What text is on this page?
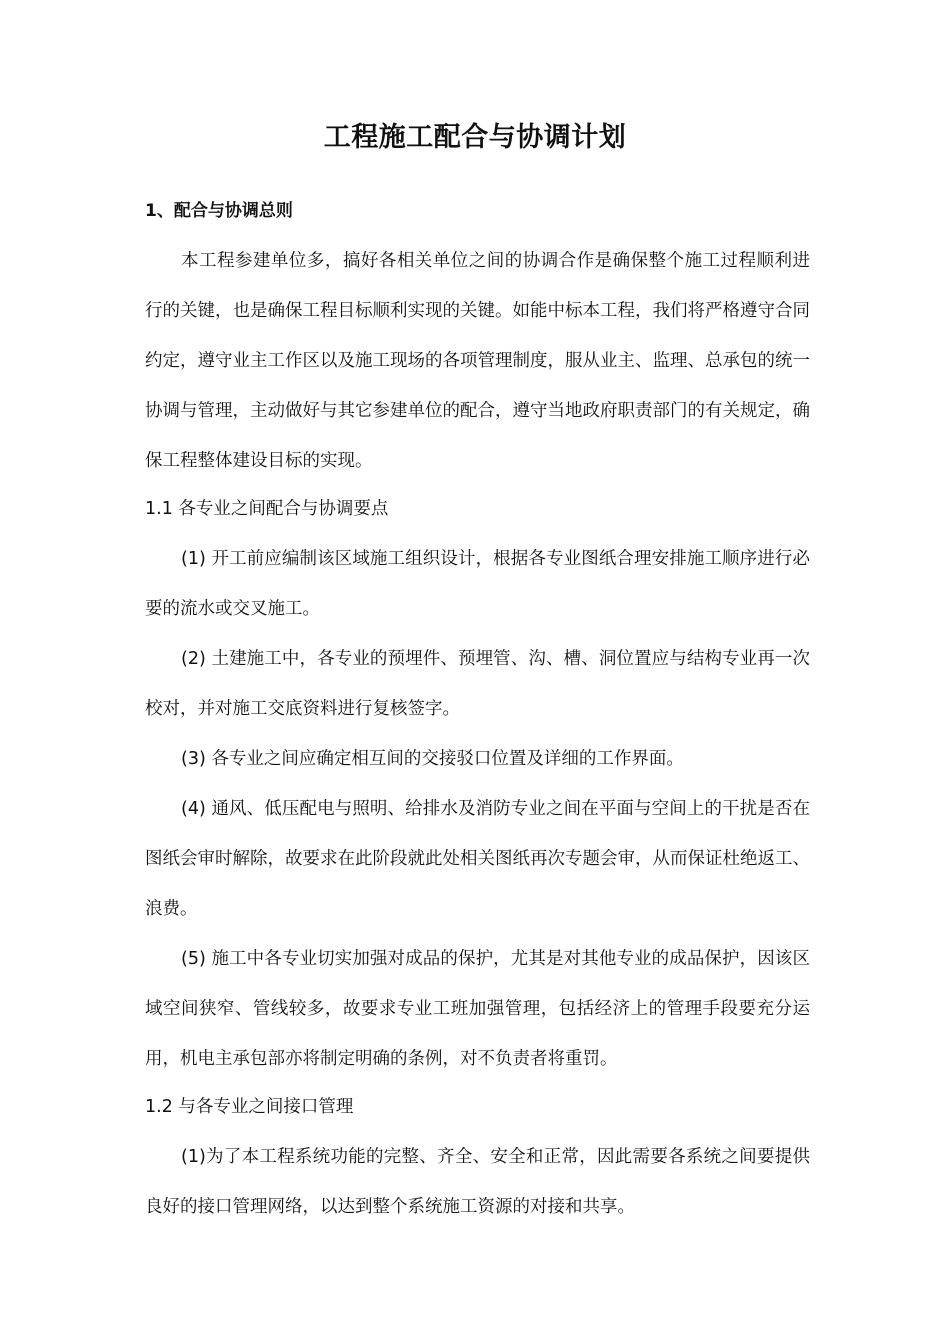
工程施工配合与协调计划
1、配合与协调总则

本工程参建单位多，搞好各相关单位之间的协调合作是确保整个施工过程顺利进行的关键，也是确保工程目标顺利实现的关键。如能中标本工程，我们将严格遵守合同约定，遵守业主工作区以及施工现场的各项管理制度，服从业主、监理、总承包的统一协调与管理，主动做好与其它参建单位的配合，遵守当地政府职责部门的有关规定，确保工程整体建设目标的实现。

1.1 各专业之间配合与协调要点

(1) 开工前应编制该区域施工组织设计，根据各专业图纸合理安排施工顺序进行必要的流水或交叉施工。

(2) 土建施工中，各专业的预埋件、预埋管、沟、槽、洞位置应与结构专业再一次校对，并对施工交底资料进行复核签字。

(3) 各专业之间应确定相互间的交接驳口位置及详细的工作界面。

(4) 通风、低压配电与照明、给排水及消防专业之间在平面与空间上的干扰是否在图纸会审时解除，故要求在此阶段就此处相关图纸再次专题会审，从而保证杜绝返工、浪费。

(5) 施工中各专业切实加强对成品的保护，尤其是对其他专业的成品保护，因该区域空间狭窄、管线较多，故要求专业工班加强管理，包括经济上的管理手段要充分运用，机电主承包部亦将制定明确的条例，对不负责者将重罚。

1.2 与各专业之间接口管理

(1)为了本工程系统功能的完整、齐全、安全和正常，因此需要各系统之间要提供良好的接口管理网络，以达到整个系统施工资源的对接和共享。
